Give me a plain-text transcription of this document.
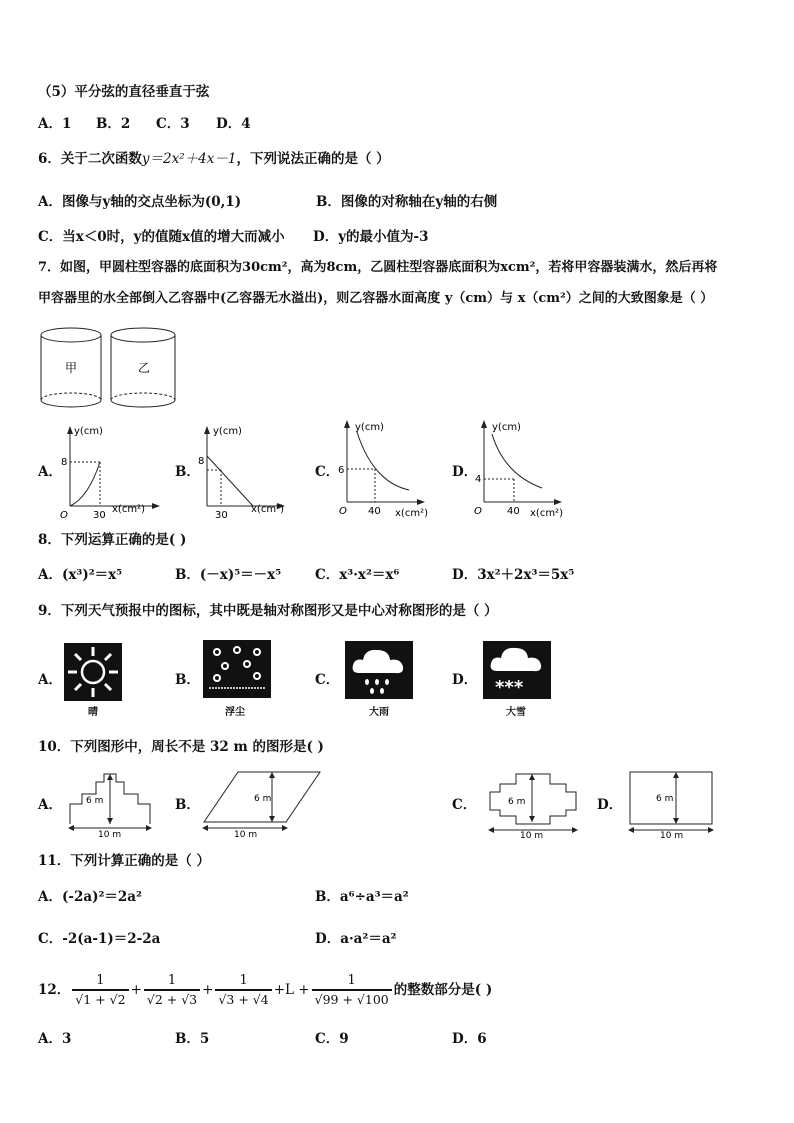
（5）平分弦的直径垂直于弦
A．1 B．2 C．3 D．4
6．关于二次函数y＝2x²＋4x－1，下列说法正确的是（ ）
A．图像与y轴的交点坐标为(0,1)	B．图像的对称轴在y轴的右侧
C．当x＜0时，y的值随x值的增大而减小 D．y的最小值为-3
7．如图，甲圆柱型容器的底面积为30cm²，高为8cm，乙圆柱型容器底面积为xcm²，若将甲容器装满水，然后再将
甲容器里的水全部倒入乙容器中(乙容器无水溢出)，则乙容器水面高度 y（cm）与 x（cm²）之间的大致图象是（ ）
甲	乙
A．
y(cm)
x(cm²)
8
30
O
B．
y(cm)
x(cm²)
8
30
C．
y(cm)
x(cm²)
6
40
O
D．
y(cm)
x(cm²)
4
40
O
8．下列运算正确的是( )
A．(x³)²＝x⁵	B．(－x)⁵＝－x⁵	C．x³·x²＝x⁶	D．3x²＋2x³＝5x⁵
9．下列天气预报中的图标，其中既是轴对称图形又是中心对称图形的是（ ）
A．
晴
B．
浮尘
C．
大雨
D． ***
大雪
10．下列图形中，周长不是 32 m 的图形是( )
A．	6 m
10 m
B．	6 m
10 m
C．	6 m
10 m
D．	6 m
10 m
11．下列计算正确的是（ ）
A．(-2a)²＝2a²	B．a⁶÷a³＝a²
C．-2(a-1)＝2-2a	D．a·a²＝a²
12． $\frac{1}{√1 + √2} + \frac{1}{√2 + √3} + \frac{1}{√3 + √4} +L + \frac{1}{√99 + √100}$ 的整数部分是( )
A．3	B．5	C．9	D．6
